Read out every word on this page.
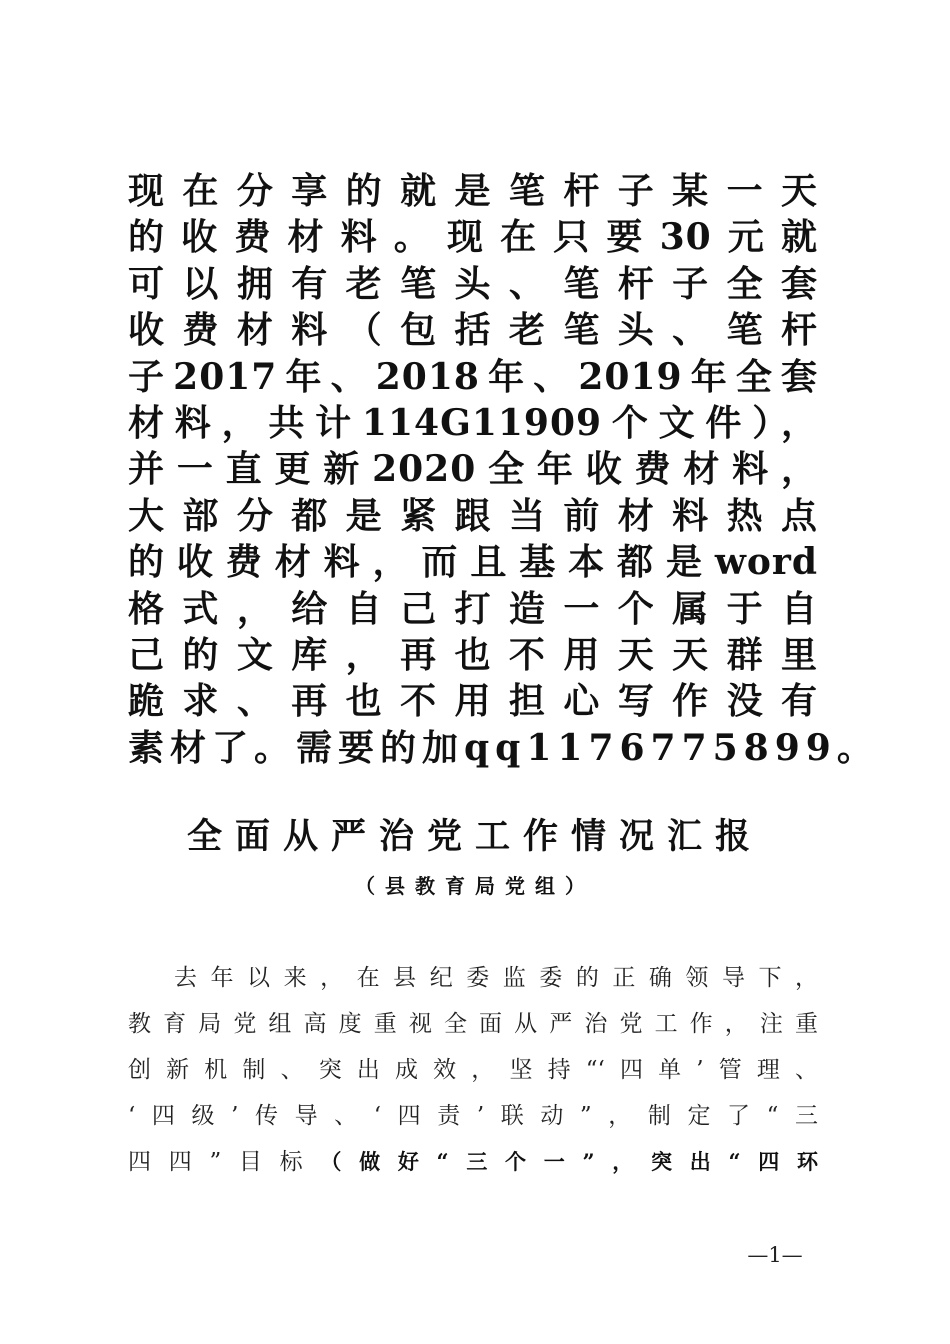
现在分享的就是笔杆子某一天
的收费材料。现在只要30元就
可以拥有老笔头、笔杆子全套
收费材料（包括老笔头、笔杆
子2017年、2018年、2019年全套
材料，共计114G11909个文件），
并一直更新2020全年收费材料，
大部分都是紧跟当前材料热点
的收费材料，而且基本都是word
格式，给自己打造一个属于自
己的文库，再也不用天天群里
跪求、再也不用担心写作没有
素材了。需要的加qq1176775899。
全面从严治党工作情况汇报
（县教育局党组）
去年以来，在县纪委监委的正确领导下，
教育局党组高度重视全面从严治党工作，注重
创新机制、突出成效，坚持“‘四单’管理、
‘四级’传导、‘四责’联动”，制定了“三
四四”目标（做好“三个一”，突出“四环
—1—
